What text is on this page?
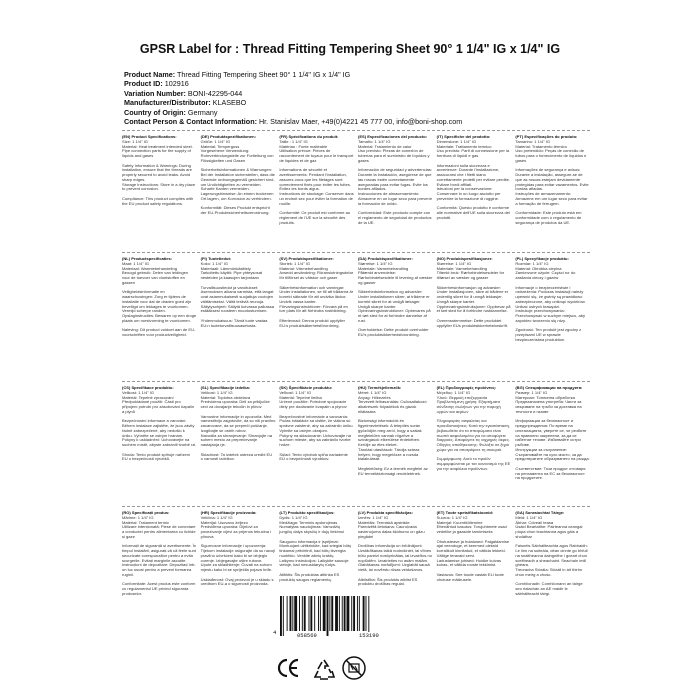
GPSR Label for : Thread Fitting Tempering Sheet 90° 1 1/4" IG x 1/4" IG
Product Name: Thread Fitting Tempering Sheet 90° 1 1/4" IG x 1/4" IG
Product ID: 102916
Variation Number: BONI-42295-044
Manufacturer/Distributor: KLASEBO
Country of Origin: Germany
Contact Person & Contact Information: Hr. Stanislav Maer, +49(0)4221 45 777 00, info@boni-shop.com
(EN) Product Specifications:
Size: 1 1/4" IG
Material: Heat treatment intended steel. Pipe connection parts for the supply of liquids and gases

Safety Information & Warnings: During installation, ensure that the threads are properly secured to avoid leaks. Avoid sharp edges.
Storage Instructions: Store in a dry place to prevent corrosion.

Compliance: This product complies with the EU product safety regulations.
(DE) Produktspezifikationen:
Größe: 1 1/4" IG
Material: Temperguss
Vorgesehene Verwendung: Rohrverbindungsteile zur Fortleitung von Flüssigkeiten und Gasen

Sicherheitsinformationen & Warnungen: Bei der Installation sicherstellen, dass die Gewinde ordnungsgemäß gesichert sind, um Undichtigkeiten zu vermeiden. Scharfe Kanten vermeiden.
Lagerungshinweise: An einem trockenen Ort lagern, um Korrosion zu verhindern.

Konformität: Dieses Produkt entspricht der EU-Produktsicherheitsverordnung.
(FR) Spécifications du produit:
Taille : 1 1/4" IG
Matériau : Fonte malléable
Utilisation prévue: Pièces de raccordement de tuyaux pour le transport de liquides et de gaz

Informations de sécurité et avertissements: Pendant l'installation, assurez-vous que les filetages sont correctement fixés pour éviter les fuites. Évitez les bords aigus.
Instructions de stockage: Conserver dans un endroit sec pour éviter la formation de rouille.

Conformité: Ce produit est conforme au règlement de l'UE sur la sécurité des produits.
(ES) Especificaciones del producto:
Tamaño: 1 1/4" IG
Material: Tratamiento de calor
Uso previsto: Piezas de conexión de tuberías para el suministro de líquidos y gases

Información de seguridad y advertencias: Durante la instalación, asegúrese de que las roscas estén correctamente aseguradas para evitar fugas. Evite los bordes afilados.
Instrucciones de almacenamiento: Almacene en un lugar seco para prevenir la formación de óxido.

Conformidad: Este producto cumple con el reglamento de seguridad de productos de la UE.
(IT) Specifiche del prodotto:
Dimensione: 1 1/4" IG
Materiale: Trattamento termico
Uso previsto: Parti di connessione per la fornitura di liquidi e gas

Informazioni sulla sicurezza e avvertenze: Durante l'installazione, assicurarsi che i filetti siano correttamente protetti per evitare perdite. Evitare bordi affilati.
Istruzioni per la conservazione: Conservare in un luogo asciutto per prevenire la formazione di ruggine.

Conformità: Questo prodotto è conforme alle normative dell'UE sulla sicurezza dei prodotti.
(PT) Especificações do produto:
Tamanho: 1 1/4" IG
Material: Tratamento térmico
Uso pretendido: Peças de conexão de tubos para o fornecimento de líquidos e gases

Informações de segurança e avisos: Durante a instalação, assegure-se de que as roscas estejam devidamente protegidas para evitar vazamentos. Evite bordas afiadas.
Instruções de armazenamento: Armazene em um lugar seco para evitar a formação de ferrugem.

Conformidade: Este produto está em conformidade com o regulamento de segurança de produtos da UE.
(NL) Productspecificaties:
Maat: 1 1/4" IG
Materiaal: Warmtebehandeling
Beoogd gebruik: Delen van leidingen voor de toevoer van vloeistoffen en gassen

Veiligheidsinformatie en waarschuwingen: Zorg er tijdens de installatie voor dat de draden goed zijn beveiligd om lekkages te voorkomen. Vermijd scherpe randen.
Opslaginstructies: Bewaren op een droge plaats om roestvorming te voorkomen.

Naleving: Dit product voldoet aan de EU-voorschriften voor productveiligheid.
(FI) Tuotetiedot:
Koko: 1 1/4" IG
Materiaali: Lämmönkäsittely
Tarkoitettu käyttö: Pipe yhteysosat nesteiden ja kaasujen tarjontaan

Turvallisuustiedot ja varoitukset: Asennuksen aikana varmista, että langat ovat asianmukaisesti suojattuja vuotojen välttämiseksi. Vältä teräviä reunoja.
Säilytysohjeet: Säilytä kuivassa paikassa estääksesi ruosteen muodostumisen.

Yhdenmukaisuus: Tämä tuote vastaa EU:n tuoteturvallisuusasetusta.
(SV) Produktspecifikationer:
Storlek: 1 1/4" IG
Material: Värmebehandling
Avsedd användning: Röranslutningsdelar för tillförsel av vätskor och gaser

Säkerhetsinformation och varningar: Under installationen, se till att trådarna är korrekt säkrade för att undvika läckor. Undvik vassa kanter.
Förvaringsinstruktioner: Förvara på en torr plats för att förhindra rostbildning.

Efterlevnad: Denna produkt uppfyller EU:s produktsäkerhetsförordning.
(DA) Produktspecifikationer:
Størrelse: 1 1/4" IG
Materiale: Varmebehandling
Påtænkt anvendelse: Rørforbindelsesdele til levering af væsker og gasser

Sikkerhedsinformation og advarsler: Under installationen sikrer, at trådene er korrekt sikret for at undgå lækager. Undgå skarpe kanter.
Opbevaringsinstruktioner: Opbevares på et tørt sted for at forhindre dannelse af rust.

Overholdelse: Dette produkt overholder EU's produktsikkerhedsforordning.
(NO) Produktspesifikasjoner:
Størrelse: 1 1/4" IG
Materiale: Varmebehandling
Tiltenkt bruk: Rørforbindelsesdeler for tilførsel av væsker og gasser

Sikkerhetsinformasjon og advarsler: Under installasjonen, sikre at trådene er ordentlig sikret for å unngå lekkasjer. Unngå skarpe kanter.
Oppbevaringsinstruksjoner: Oppbevar på et tørt sted for å forhindre rustdannelse.

Overensstemmelse: Dette produktet oppfyller EUs produktsikkerhetsforskrift.
(PL) Specyfikacje produktu:
Rozmiar: 1 1/4" IG
Materiał: Obróbka cieplna
Zamierzone użycie: Części rur do zasilania cieczy i gazów

Informacje o bezpieczeństwie i ostrzeżenia: Podczas instalacji należy upewnić się, że gwinty są prawidłowo zabezpieczone, aby uniknąć wycieków. Unikać ostrych krawędzi.
Instrukcje przechowywania: Przechowywać w suchym miejscu, aby zapobiec tworzeniu się rdzy.

Zgodność: Ten produkt jest zgodny z przepisami UE w sprawie bezpieczeństwa produktów.
(CS) Specifikace produktu:
Velikost: 1 1/4" IG
Materiál: Tepelné zpracování
Předpokládané použití: Části pro připojení potrubí pro zásobování kapalin a plynů

Bezpečnostní informace a varování: Během instalace zajistěte, že jsou závity řádně zabezpečené, aby nedošlo k úniku. Vyhněte se ostrým hranám.
Pokyny k uskladnění: Uchovávejte na suchém místě, abyste zabránili tvorbě rzi.

Shoda: Tento produkt splňuje nařízení EU o bezpečnosti výrobků.
(SL) Specifikacije izdelka:
Velikost: 1 1/4" IG
Material: Toplotna obdelava
Predvidena uporaba: Deli za priključke cevi za dovajanje tekočin in plinov

Varnostne informacije in opozorila: Med namestitvijo zagotovite, da so niti pravilno zavarovane, da se prepreči puščanje. Izogibajte se ostrih robov.
Navodila za shranjevanje: Shranjujte na suhem mestu za preprečevanje nastajanja rje.

Skladnost: Ta izdelek ustreza uredbi EU o varnosti izdelkov.
(SK) Špecifikácie produktu:
Veľkosť: 1 1/4" IG
Materiál: Tepelné liečba
Určené použitie: Potrubné spojovacie diely pre dodávanie kvapalín a plynov

Bezpečnostné informácie a varovania: Počas inštalácie sa uistite, že vlákna sú správne zaistené, aby sa zabránilo úniku. Vyhnite sa ostrým okrajom.
Pokyny na skladovanie: Uchovávajte na suchom mieste, aby sa zabránilo tvorbe hrdze.

Súlad: Tento výrobok spĺňa nariadenie EÚ o bezpečnosti výrobkov.
(HU) Termékjellemzők:
Méret: 1 1/4" IG
Anyag: Hőkezelés
Tervezett felhasználás: Csőcsatlakozó alkatrészek folyadékok és gázok ellátására

Biztonsági információk és figyelmeztetések: A telepítés során győződjön meg arról, hogy a szálak megfelelően vannak rögzítve a szivárgások elkerülése érdekében. Kerülje az éles éleket.
Tárolási utasítások: Tárolja száraz helyen, hogy megelőzze a rozsda kialakulását.

Megfelelőség: Ez a termék megfelel az EU termékbiztonsági rendeletének.
(EL) Προδιαγραφές προϊόντος:
Μέγεθος: 1 1/4" IG
Υλικό: Θερμική επεξεργασία
Προβλεπόμενη χρήση: Εξαρτήματα σύνδεσης σωλήνων για την παροχή υγρών και αερίων

Πληροφορίες ασφαλείας και προειδοποιήσεις: Κατά την εγκατάσταση, βεβαιωθείτε ότι τα σπειρώματα είναι σωστά ασφαλισμένα για να αποφύγετε διαρροές. Αποφύγετε τις αιχμηρές άκρες.
Οδηγίες αποθήκευσης: Φυλάξτε σε ξηρό χώρο για να αποτρέψετε τη σκουριά.

Συμμόρφωση: Αυτό το προϊόν συμμορφώνεται με τον κανονισμό της ΕΕ για την ασφάλεια προϊόντων.
(BG) Спецификации на продукта:
Размер: 1 1/4" IG
Материал: Топлинна обработка
Предназначена употреба: Части за свързване на тръби за доставка на течности и газове

Информация за безопасност и предупреждения: По време на инсталацията, уверете се, че резбите са правилно закрепени, за да се избегнат течове. Избягвайте остри ръбове.
Инструкции за съхранение: Съхранявайте на сухо място, за да предотвратите образуването на ръжда.

Съответствие: Този продукт отговаря на регламента на ЕС за безопасност на продуктите.
(RO) Specificații produs:
Mărime: 1 1/4" IG
Material: Tratament termic
Utilizare intenționată: Piese de conectare a conductei pentru alimentarea cu lichide și gaze

Informații de siguranță și avertismente: În timpul instalării, asigurați-vă că firele sunt securizate corespunzător pentru a evita scurgerile. Evitați marginile ascuțite.
Instrucțiuni de depozitare: Depozitați într-un loc uscat pentru a preveni formarea ruginii.

Conformitate: Acest produs este conform cu regulamentul UE privind siguranța produselor.
(HR) Specifikacije proizvoda:
Veličina: 1 1/4" IG
Materijal: Usovano željezo
Predviđena uporaba: Dijelovi za povezivanje cijevi za prijenos tekućina i plinova

Sigurnosne informacije i upozorenja: Tijekom instalacije osigurajte da su navoji pravilno učvršćeni kako bi se izbjeglo curenje. Izbjegavajte oštre rubove.
Upute za skladištenje: Čuvati na suhom mjestu kako bi se spriječila pojava hrđe.

Usklađenost: Ovaj proizvod je u skladu s uredbom EU-a o sigurnosti proizvoda.
(LT) Produkto specifikacijos:
Dydis: 1 1/4" IG
Medžiaga: Terminis apdorojimas
Numatytas naudojimas: Vamzdžių jungčių dalys skysčių ir dujų tiekimui

Saugumo informacija ir įspėjimai: Montuojant užtikrinkite, kad sriegiai būtų tinkamai pritvirtinti, kad būtų išvengta nuotėkio. Venkite aštrių kraštų.
Laikymo instrukcijos: Laikykite sausoje vietoje, kad nesusidarytų rūdys.

Atitiktis: Šis produktas atitinka ES produktų saugos reglamentą.
(LV) Produkta specifikācijas:
Izmērs: 1 1/4" IG
Materiāls: Termiskā apstrāde
Paredzētā lietošana: Cauruļvada savienojuma daļas šķidrumu un gāzu piegādei

Drošības informācija un brīdinājumi: Uzstādīšanas laikā nodrošiniet, lai vītnes būtu pareizi nostiprinātas, lai izvairītos no noplūdēm. Izvairieties no asām malām.
Glabāšanas norādījumi: Uzglabāt sausā vietā, lai novērstu rūsas veidošanos.

Atbilstība: Šis produkts atbilst ES produktu drošības regulai.
(ET) Toote spetsifikatsioonid:
Suurus: 1 1/4" IG
Materjal: Kuumtöötlemine
Ettenähtud kasutus: Torujuhtmete osad vedelike ja gaaside tarnimiseks

Ohutusteave ja hoiatused: Paigaldamise ajal veenduge, et keermed oleksid korralikult kinnitatud, et vältida lekkeid. Vältige teravaid servi.
Ladustamise juhised: Hoidke kuivas kohas, et vältida rooste tekkimist.

Vastavus: See toode vastab ELi toote ohutuse määrusele.
(GA) Sonraíochtaí Táirge:
Méid: 1 1/4" IG
Ábhar: Cóireáil teasa
Úsáid Beartaithe: Páirteanna ceangal píopa chun leachtanna agus gáis a sholáthar

Faisnéis Sábháilteachta agus Rabhaidh: Le linn na suiteála, déan cinnte go bhfuil na snáitheanna daingnithe i gceart chun sceitheadh a sheachaint. Seachain imill ghéara.
Treoracha Stórála: Stóráil in áit thirim chun meirg a chosc.

Comhlíonadh: Comhlíonann an táirge seo rialachán an AE maidir le sábháilteacht táirgí.
4	058569	153190
